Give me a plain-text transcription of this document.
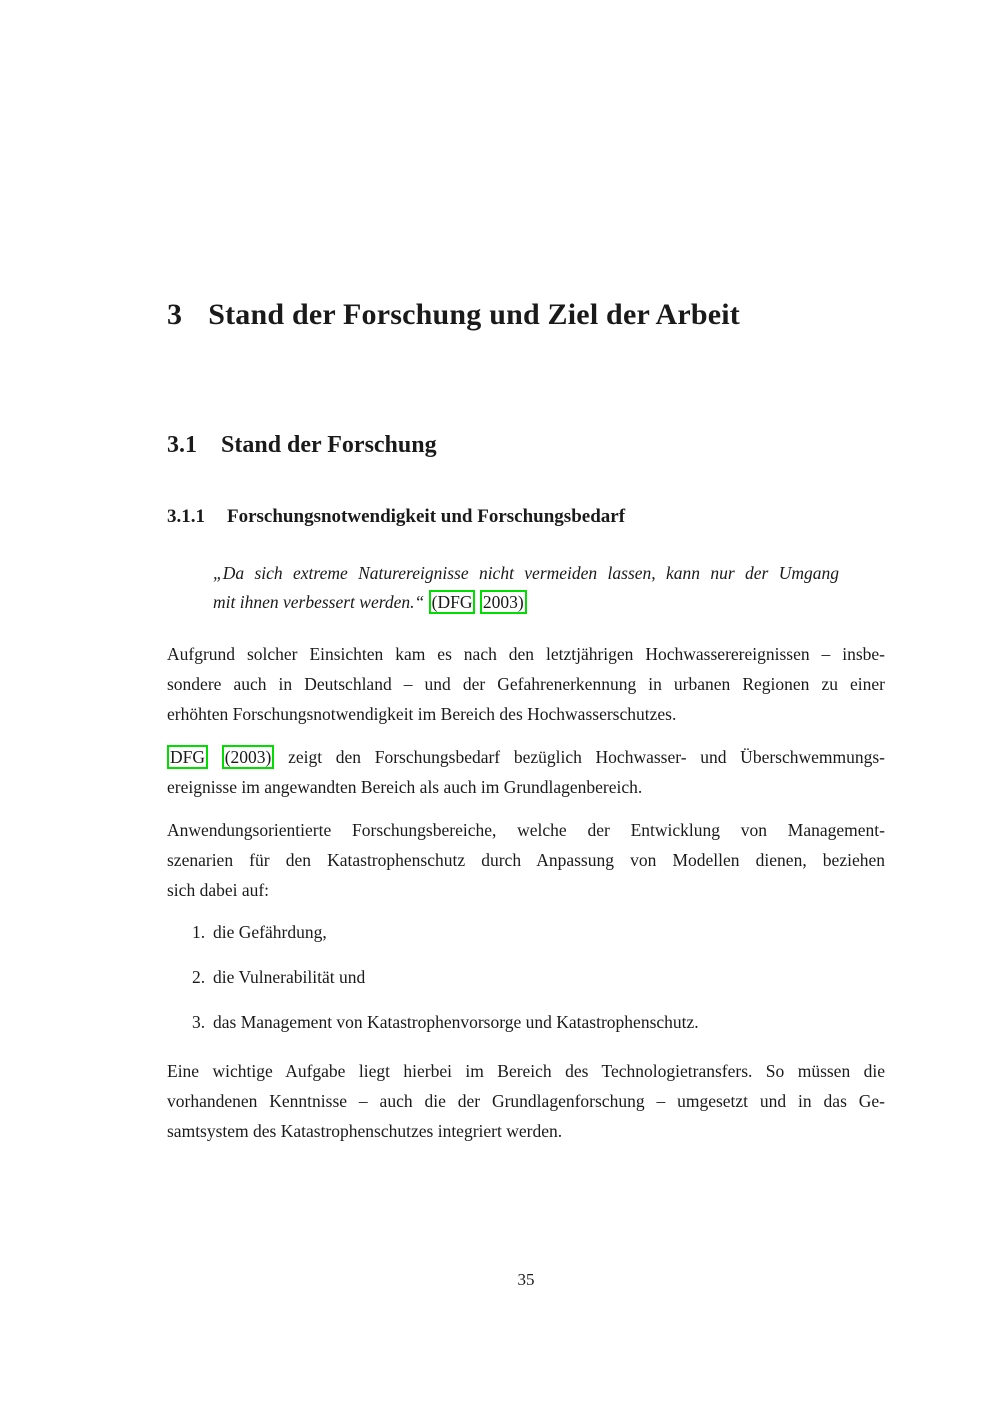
3 Stand der Forschung und Ziel der Arbeit
3.1 Stand der Forschung
3.1.1 Forschungsnotwendigkeit und Forschungsbedarf
„Da sich extreme Naturereignisse nicht vermeiden lassen, kann nur der Umgang
mit ihnen verbessert werden.“ (DFG 2003)
Aufgrund solcher Einsichten kam es nach den letztjährigen Hochwasserereignissen – insbe-
sondere auch in Deutschland – und der Gefahrenerkennung in urbanen Regionen zu einer
erhöhten Forschungsnotwendigkeit im Bereich des Hochwasserschutzes.
DFG (2003) zeigt den Forschungsbedarf bezüglich Hochwasser- und Überschwemmungs-
ereignisse im angewandten Bereich als auch im Grundlagenbereich.
Anwendungsorientierte Forschungsbereiche, welche der Entwicklung von Management-
szenarien für den Katastrophenschutz durch Anpassung von Modellen dienen, beziehen
sich dabei auf:
1. die Gefährdung,
2. die Vulnerabilität und
3. das Management von Katastrophenvorsorge und Katastrophenschutz.
Eine wichtige Aufgabe liegt hierbei im Bereich des Technologietransfers. So müssen die
vorhandenen Kenntnisse – auch die der Grundlagenforschung – umgesetzt und in das Ge-
samtsystem des Katastrophenschutzes integriert werden.
35
